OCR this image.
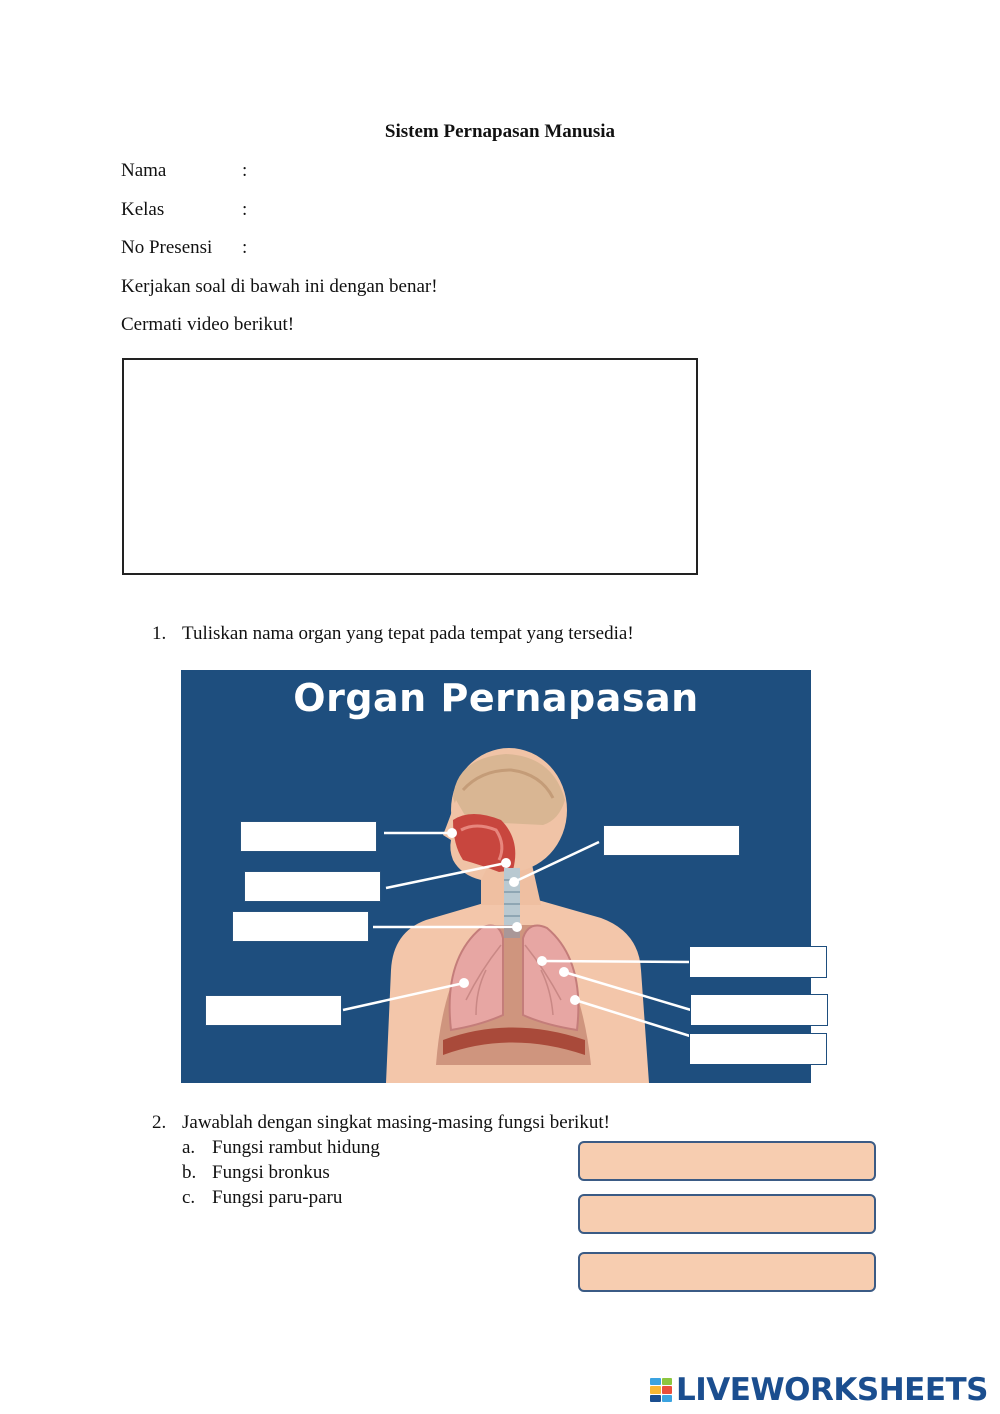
Sistem Pernapasan Manusia
Nama	:
Kelas	:
No Presensi :
Kerjakan soal di bawah ini dengan benar!
Cermati video berikut!
1. Tuliskan nama organ yang tepat pada tempat yang tersedia!
Organ Pernapasan
2. Jawablah dengan singkat masing-masing fungsi berikut!
a. Fungsi rambut hidung
b. Fungsi bronkus
c. Fungsi paru-paru
LIVEWORKSHEETS
